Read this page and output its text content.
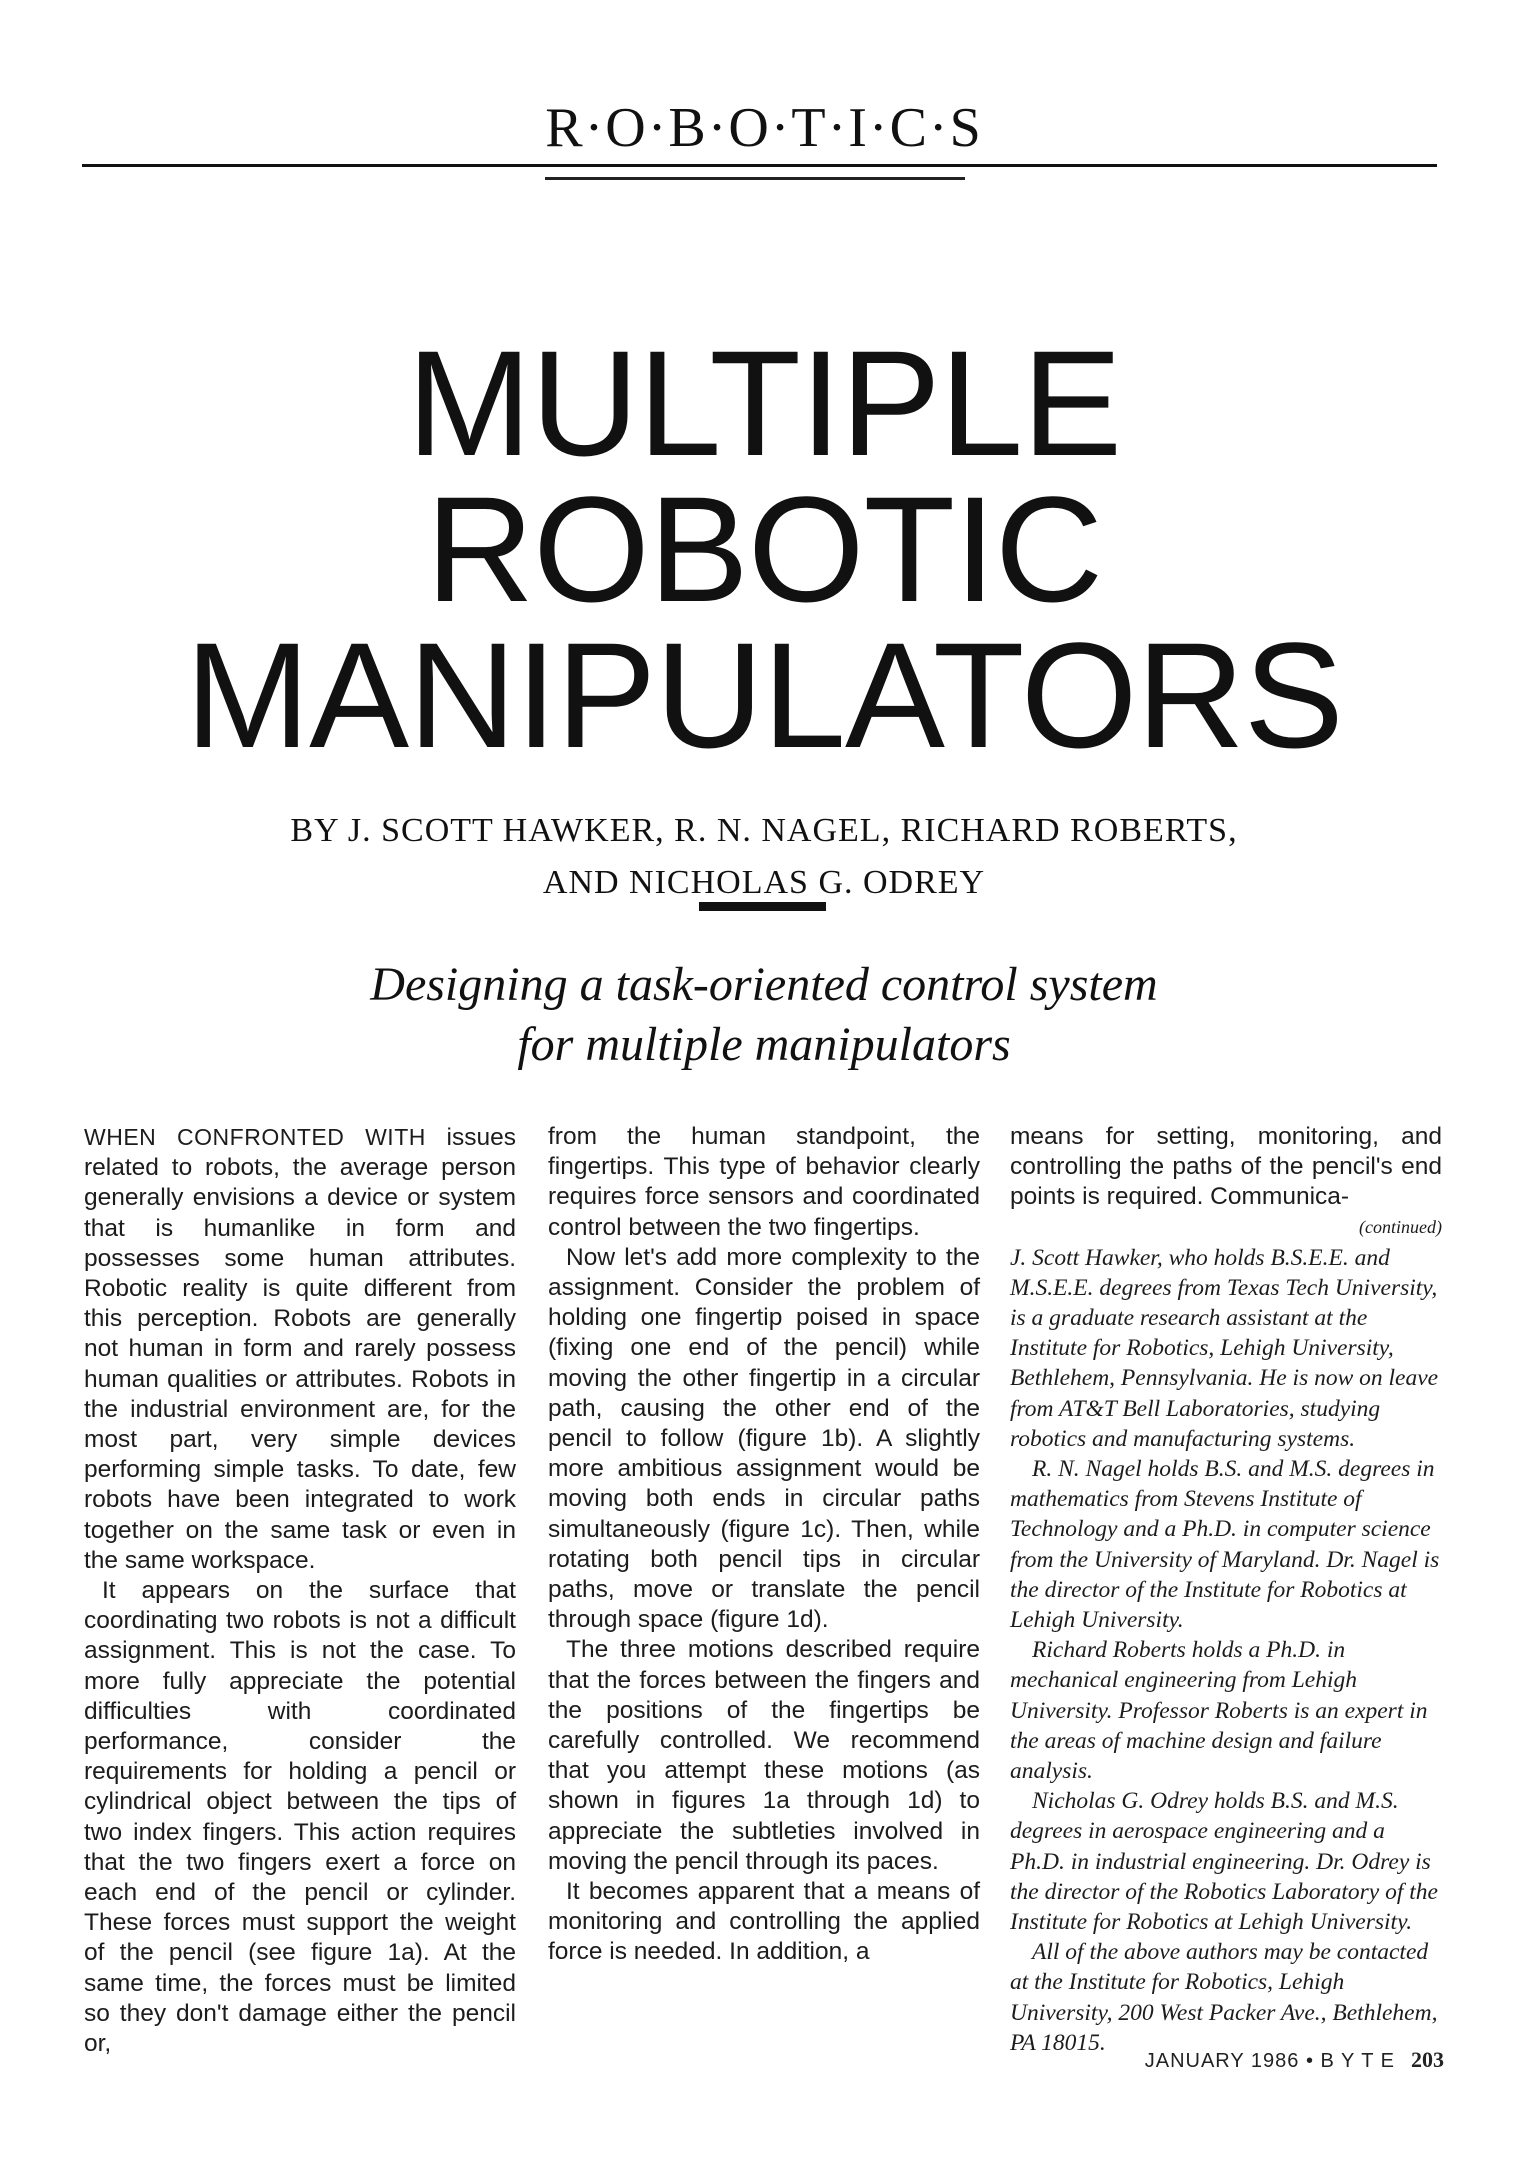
R·O·B·O·T·I·C·S
MULTIPLE
ROBOTIC
MANIPULATORS
BY J. SCOTT HAWKER, R. N. NAGEL, RICHARD ROBERTS,
AND NICHOLAS G. ODREY
Designing a task-oriented control system
for multiple manipulators

WHEN CONFRONTED WITH issues related to robots, the average person generally envisions a device or system that is humanlike in form and possesses some human attributes. Robotic reality is quite different from this perception. Robots are generally not human in form and rarely possess human qualities or attributes. Robots in the industrial environment are, for the most part, very simple devices performing simple tasks. To date, few robots have been integrated to work together on the same task or even in the same workspace.

It appears on the surface that coordinating two robots is not a difficult assignment. This is not the case. To more fully appreciate the potential difficulties with coordinated performance, consider the requirements for holding a pencil or cylindrical object between the tips of two index fingers. This action requires that the two fingers exert a force on each end of the pencil or cylinder. These forces must support the weight of the pencil (see figure 1a). At the same time, the forces must be limited so they don't damage either the pencil or,

from the human standpoint, the fingertips. This type of behavior clearly requires force sensors and coordinated control between the two fingertips.

Now let's add more complexity to the assignment. Consider the problem of holding one fingertip poised in space (fixing one end of the pencil) while moving the other fingertip in a circular path, causing the other end of the pencil to follow (figure 1b). A slightly more ambitious assignment would be moving both ends in circular paths simultaneously (figure 1c). Then, while rotating both pencil tips in circular paths, move or translate the pencil through space (figure 1d).

The three motions described require that the forces between the fingers and the positions of the fingertips be carefully controlled. We recommend that you attempt these motions (as shown in figures 1a through 1d) to appreciate the subtleties involved in moving the pencil through its paces.

It becomes apparent that a means of monitoring and controlling the applied force is needed. In addition, a

means for setting, monitoring, and controlling the paths of the pencil's end points is required. Communica-

(continued)

J. Scott Hawker, who holds B.S.E.E. and M.S.E.E. degrees from Texas Tech University, is a graduate research assistant at the Institute for Robotics, Lehigh University, Bethlehem, Pennsylvania. He is now on leave from AT&T Bell Laboratories, studying robotics and manufacturing systems.

R. N. Nagel holds B.S. and M.S. degrees in mathematics from Stevens Institute of Technology and a Ph.D. in computer science from the University of Maryland. Dr. Nagel is the director of the Institute for Robotics at Lehigh University.

Richard Roberts holds a Ph.D. in mechanical engineering from Lehigh University. Professor Roberts is an expert in the areas of machine design and failure analysis.

Nicholas G. Odrey holds B.S. and M.S. degrees in aerospace engineering and a Ph.D. in industrial engineering. Dr. Odrey is the director of the Robotics Laboratory of the Institute for Robotics at Lehigh University.

All of the above authors may be contacted at the Institute for Robotics, Lehigh University, 200 West Packer Ave., Bethlehem, PA 18015.

JANUARY 1986 • B Y T E 203
